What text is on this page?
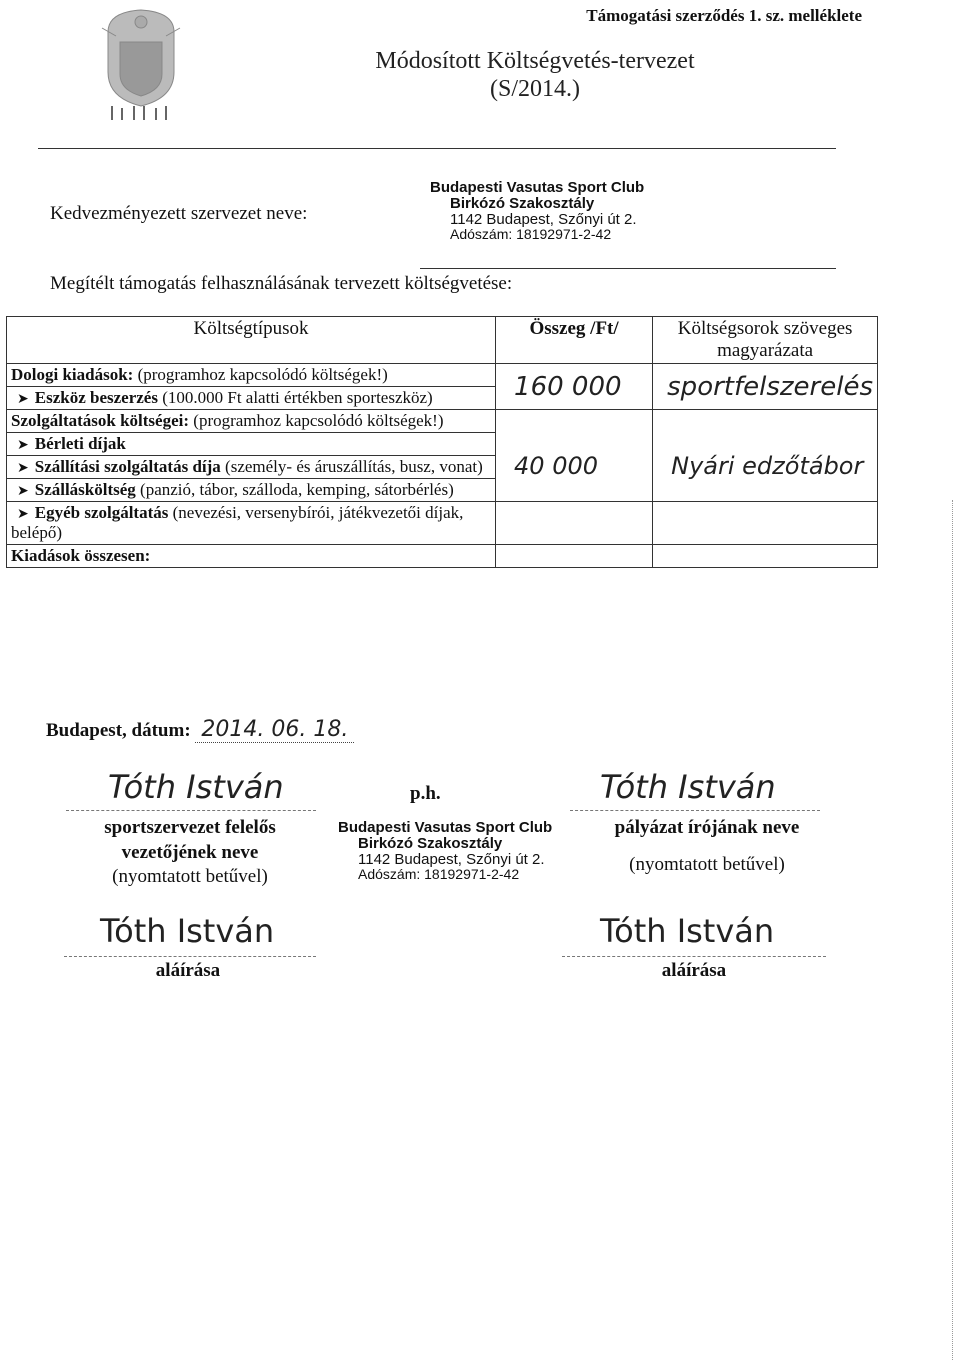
Támogatási szerződés 1. sz. melléklete
Módosított Költségvetés-tervezet
(S/2014.)
Kedvezményezett szervezet neve:
Budapesti Vasutas Sport Club
Birkózó Szakosztály
1142 Budapest, Szőnyi út 2.
Adószám: 18192971-2-42
Megítélt támogatás felhasználásának tervezett költségvetése:
Költségtípusok	Összeg /Ft/	Költségsorok szöveges magyarázata
Dologi kiadások: (programhoz kapcsolódó költségek!)	160 000	sportfelszerelés
➤ Eszköz beszerzés (100.000 Ft alatti értékben sporteszköz)		
Szolgáltatások költségei: (programhoz kapcsolódó költségek!)	40 000	Nyári edzőtábor

➤ Bérleti díjak		
➤ Szállítási szolgáltatás díja (személy- és áruszállítás, busz, vonat)		
➤ Szállásköltség (panzió, tábor, szálloda, kemping, sátorbérlés)		
➤ Egyéb szolgáltatás (nevezési, versenybírói, játékvezetői díjak, belépő)		
Kiadások összesen:		
Budapest, dátum: 2014. 06. 18.
Tóth István	p.h.	Tóth István
sportszervezet felelős
vezetőjének neve
(nyomtatott betűvel)
Budapesti Vasutas Sport Club
Birkózó Szakosztály
1142 Budapest, Szőnyi út 2.
Adószám: 18192971-2-42
pályázat írójának neve
(nyomtatott betűvel)
Tóth István
aláírása
Tóth István
aláírása
